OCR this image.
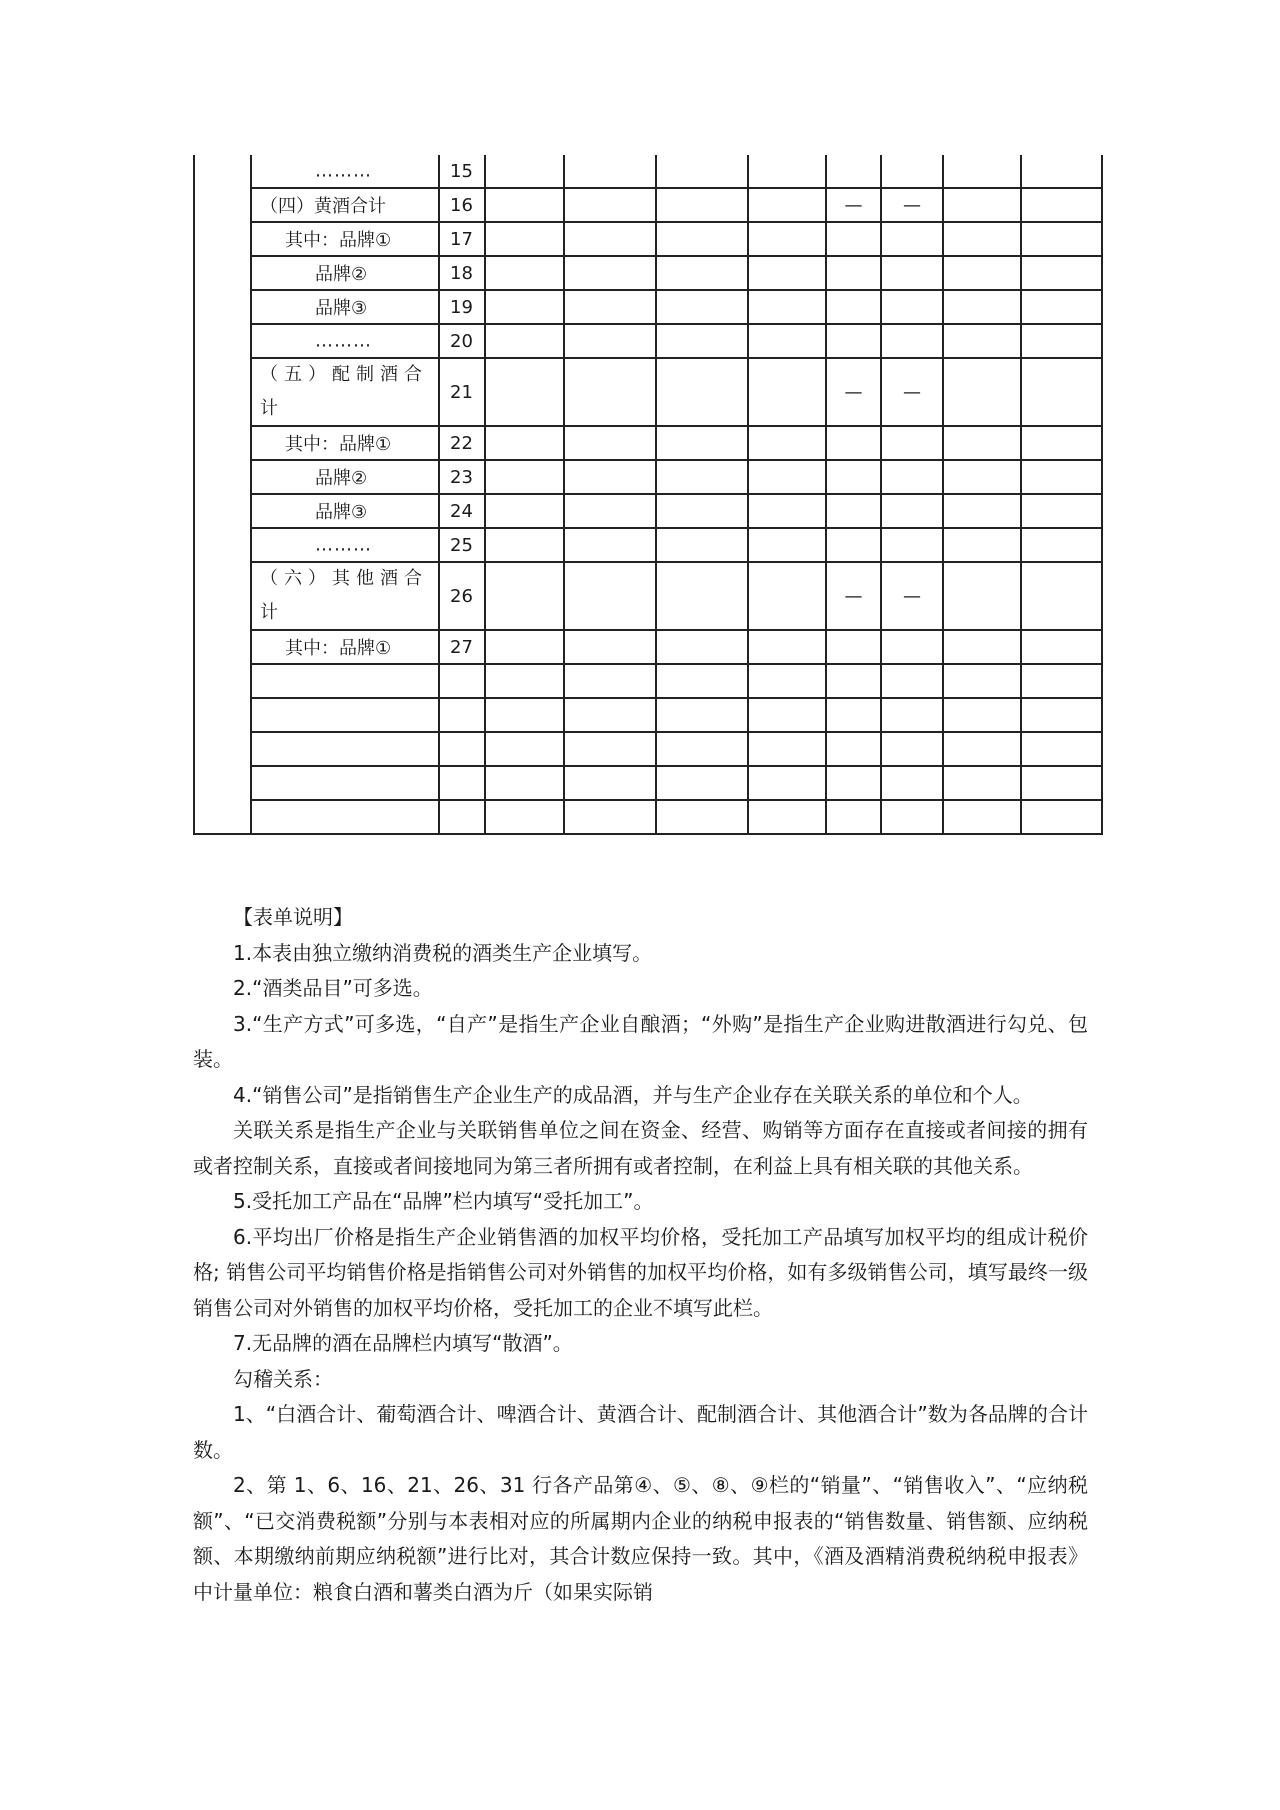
	………	15								

	（四）黄酒合计	16					—	—		

	其中：品牌①	17								

	品牌②	18								

	品牌③	19								

	………	20								

	（五）配制酒合计	21					—	—		

	其中：品牌①	22								

	品牌②	23								

	品牌③	24								

	………	25								

	（六）其他酒合计	26					—	—		

	其中：品牌①	27								

【表单说明】

1.本表由独立缴纳消费税的酒类生产企业填写。

2.“酒类品目”可多选。

3.“生产方式”可多选，“自产”是指生产企业自酿酒；“外购”是指生产企业购进散酒进行勾兑、包装。

4.“销售公司”是指销售生产企业生产的成品酒，并与生产企业存在关联关系的单位和个人。

关联关系是指生产企业与关联销售单位之间在资金、经营、购销等方面存在直接或者间接的拥有或者控制关系，直接或者间接地同为第三者所拥有或者控制，在利益上具有相关联的其他关系。

5.受托加工产品在“品牌”栏内填写“受托加工”。

6.平均出厂价格是指生产企业销售酒的加权平均价格，受托加工产品填写加权平均的组成计税价格; 销售公司平均销售价格是指销售公司对外销售的加权平均价格，如有多级销售公司，填写最终一级销售公司对外销售的加权平均价格，受托加工的企业不填写此栏。

7.无品牌的酒在品牌栏内填写“散酒”。

勾稽关系：

1、“白酒合计、葡萄酒合计、啤酒合计、黄酒合计、配制酒合计、其他酒合计”数为各品牌的合计数。

2、第 1、6、16、21、26、31 行各产品第④、⑤、⑧、⑨栏的“销量”、“销售收入”、“应纳税额”、“已交消费税额”分别与本表相对应的所属期内企业的纳税申报表的“销售数量、销售额、应纳税额、本期缴纳前期应纳税额”进行比对，其合计数应保持一致。其中，《酒及酒精消费税纳税申报表》中计量单位：粮食白酒和薯类白酒为斤（如果实际销
